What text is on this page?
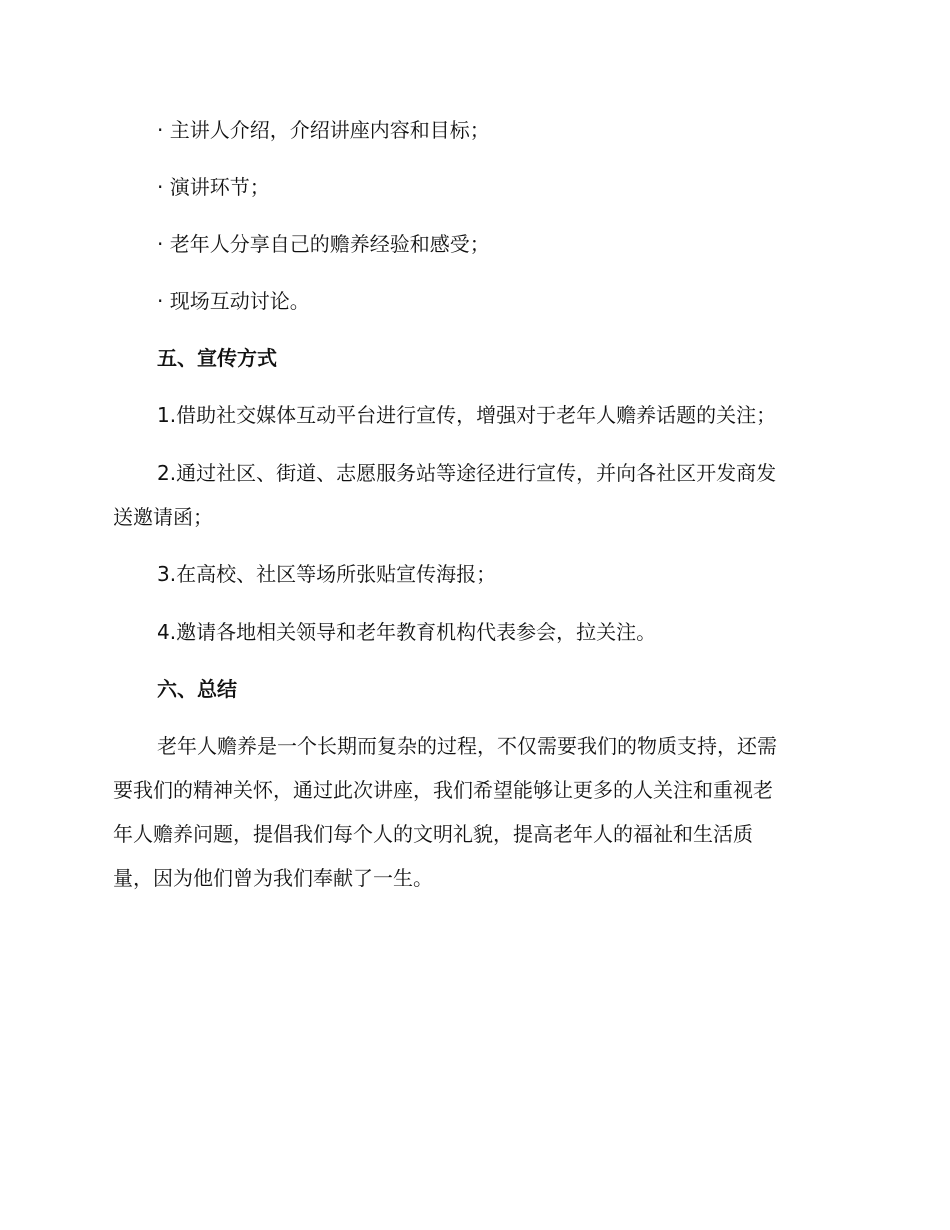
· 主讲人介绍，介绍讲座内容和目标；

· 演讲环节；

· 老年人分享自己的赡养经验和感受；

· 现场互动讨论。

五、宣传方式

1.借助社交媒体互动平台进行宣传，增强对于老年人赡养话题的关注；

2.通过社区、街道、志愿服务站等途径进行宣传，并向各社区开发商发

送邀请函；

3.在高校、社区等场所张贴宣传海报；

4.邀请各地相关领导和老年教育机构代表参会，拉关注。

六、总结

老年人赡养是一个长期而复杂的过程，不仅需要我们的物质支持，还需

要我们的精神关怀，通过此次讲座，我们希望能够让更多的人关注和重视老

年人赡养问题，提倡我们每个人的文明礼貌，提高老年人的福祉和生活质

量，因为他们曾为我们奉献了一生。
